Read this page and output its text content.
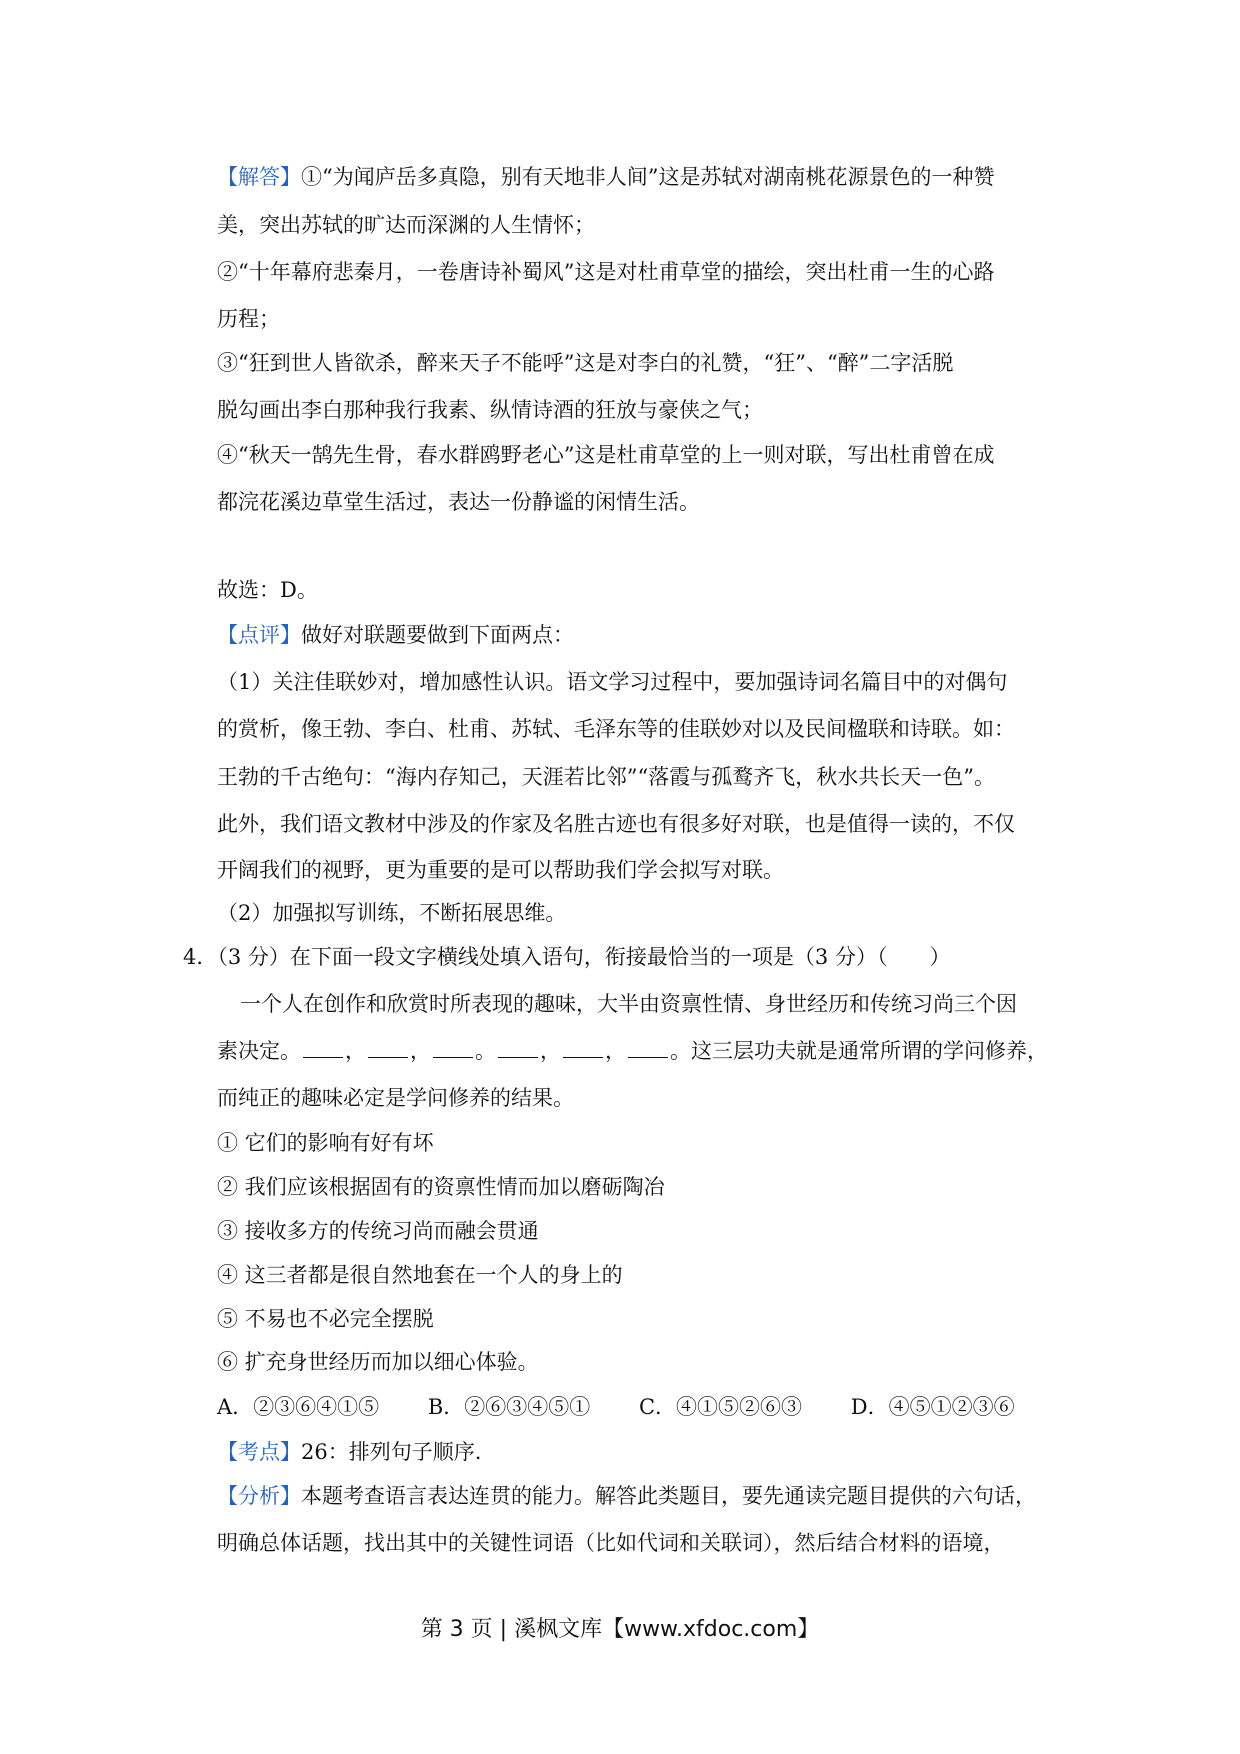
【解答】①“为闻庐岳多真隐，别有天地非人间”这是苏轼对湖南桃花源景色的一种赞
美，突出苏轼的旷达而深渊的人生情怀；
②“十年幕府悲秦月，一卷唐诗补蜀风”这是对杜甫草堂的描绘，突出杜甫一生的心路
历程；
③“狂到世人皆欲杀，醉来天子不能呼”这是对李白的礼赞，“狂”、“醉”二字活脱
脱勾画出李白那种我行我素、纵情诗酒的狂放与豪侠之气；
④“秋天一鹄先生骨，春水群鸥野老心”这是杜甫草堂的上一则对联，写出杜甫曾在成
都浣花溪边草堂生活过，表达一份静谧的闲情生活。
故选：D。
【点评】做好对联题要做到下面两点：
（1）关注佳联妙对，增加感性认识。语文学习过程中，要加强诗词名篇目中的对偶句
的赏析，像王勃、李白、杜甫、苏轼、毛泽东等的佳联妙对以及民间楹联和诗联。如：
王勃的千古绝句：“海内存知己，天涯若比邻”“落霞与孤鹜齐飞，秋水共长天一色”。
此外，我们语文教材中涉及的作家及名胜古迹也有很多好对联，也是值得一读的，不仅
开阔我们的视野，更为重要的是可以帮助我们学会拟写对联。
（2）加强拟写训练，不断拓展思维。
4．（3 分）在下面一段文字横线处填入语句，衔接最恰当的一项是（3 分）（　　）
一个人在创作和欣赏时所表现的趣味，大半由资禀性情、身世经历和传统习尚三个因
素决定。 ， ， 。 ， ， 。这三层功夫就是通常所谓的学问修养，
而纯正的趣味必定是学问修养的结果。
① 它们的影响有好有坏
② 我们应该根据固有的资禀性情而加以磨砺陶冶
③ 接收多方的传统习尚而融会贯通
④ 这三者都是很自然地套在一个人的身上的
⑤ 不易也不必完全摆脱
⑥ 扩充身世经历而加以细心体验。
A．②③⑥④①⑤ B．②⑥③④⑤① C．④①⑤②⑥③ D．④⑤①②③⑥
【考点】26：排列句子顺序.
【分析】本题考查语言表达连贯的能力。解答此类题目，要先通读完题目提供的六句话，
明确总体话题，找出其中的关键性词语（比如代词和关联词），然后结合材料的语境，
第 3 页 | 溪枫文库【www.xfdoc.com】
